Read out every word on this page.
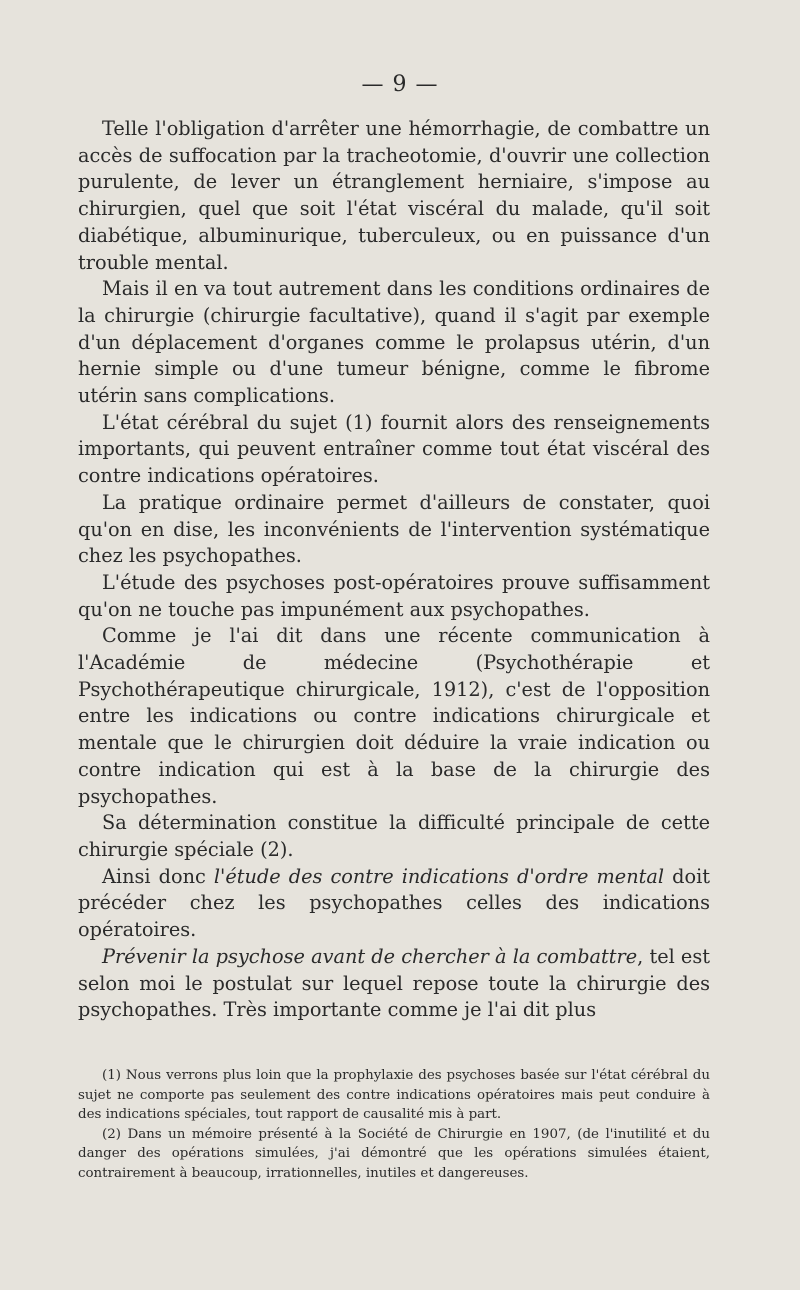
— 9 —

Telle l'obligation d'arrêter une hémorrhagie, de combattre un accès de suffocation par la tracheotomie, d'ouvrir une collection purulente, de lever un étranglement herniaire, s'impose au chirurgien, quel que soit l'état viscéral du malade, qu'il soit diabétique, albuminurique, tuberculeux, ou en puissance d'un trouble mental.

Mais il en va tout autrement dans les conditions ordinaires de la chirurgie (chirurgie facultative), quand il s'agit par exemple d'un déplacement d'organes comme le prolapsus utérin, d'un hernie simple ou d'une tumeur bénigne, comme le fibrome utérin sans complications.

L'état cérébral du sujet (1) fournit alors des renseignements importants, qui peuvent entraîner comme tout état viscéral des contre indications opératoires.

La pratique ordinaire permet d'ailleurs de constater, quoi qu'on en dise, les inconvénients de l'intervention systématique chez les psychopathes.

L'étude des psychoses post-opératoires prouve suffisamment qu'on ne touche pas impunément aux psychopathes.

Comme je l'ai dit dans une récente communication à l'Académie de médecine (Psychothérapie et Psychothérapeutique chirurgicale, 1912), c'est de l'opposition entre les indications ou contre indications chirurgicale et mentale que le chirurgien doit déduire la vraie indication ou contre indication qui est à la base de la chirurgie des psychopathes.

Sa détermination constitue la difficulté principale de cette chirurgie spéciale (2).

Ainsi donc l'étude des contre indications d'ordre mental doit précéder chez les psychopathes celles des indications opératoires.

Prévenir la psychose avant de chercher à la combattre, tel est selon moi le postulat sur lequel repose toute la chirurgie des psychopathes. Très importante comme je l'ai dit plus

(1) Nous verrons plus loin que la prophylaxie des psychoses basée sur l'état cérébral du sujet ne comporte pas seulement des contre indications opératoires mais peut conduire à des indications spéciales, tout rapport de causalité mis à part.

(2) Dans un mémoire présenté à la Société de Chirurgie en 1907, (de l'inutilité et du danger des opérations simulées, j'ai démontré que les opérations simulées étaient, contrairement à beaucoup, irrationnelles, inutiles et dangereuses.
